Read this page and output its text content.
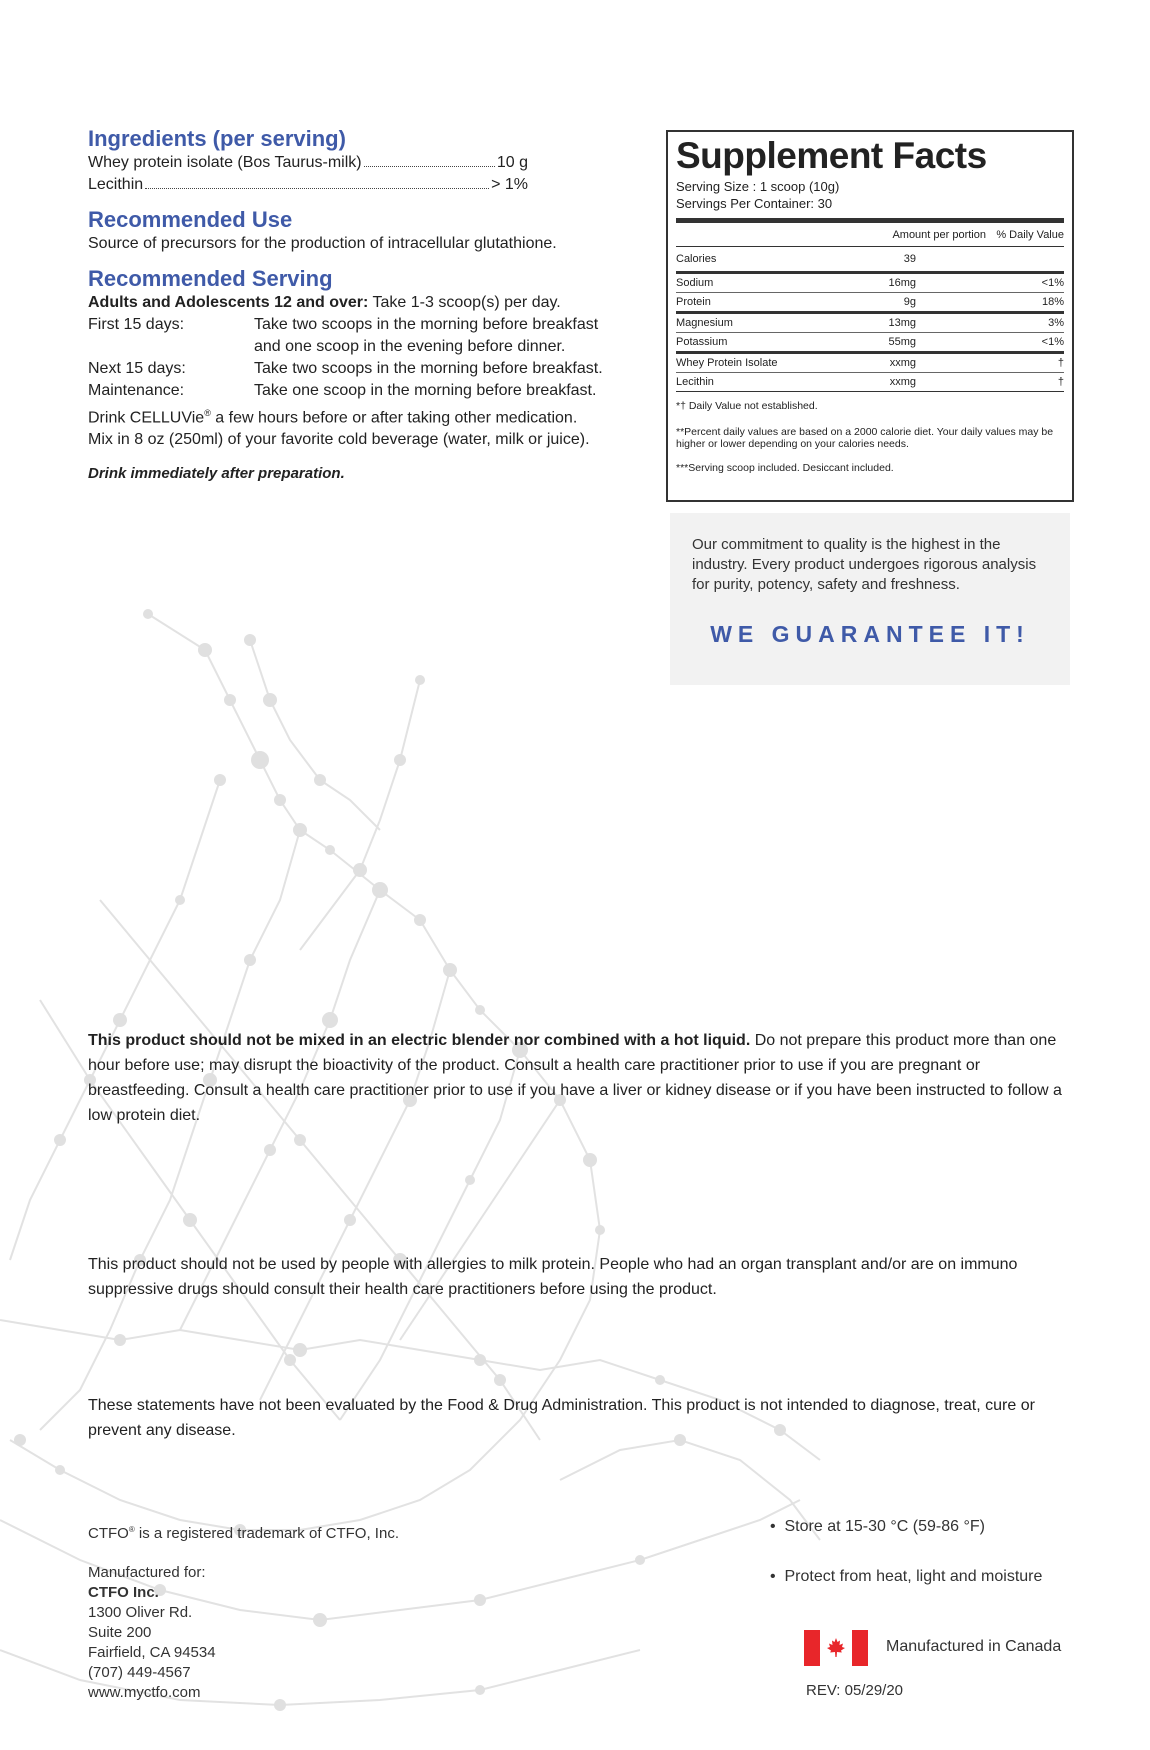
Ingredients (per serving)
Whey protein isolate (Bos Taurus-milk)	10 g
Lecithin	> 1%
Recommended Use
Source of precursors for the production of intracellular glutathione.
Recommended Serving
Adults and Adolescents 12 and over: Take 1-3 scoop(s) per day.
First 15 days:	Take two scoops in the morning before breakfast
and one scoop in the evening before dinner.
Next 15 days:	Take two scoops in the morning before breakfast.
Maintenance:	Take one scoop in the morning before breakfast.
Drink CELLUVie® a few hours before or after taking other medication.
Mix in 8 oz (250ml) of your favorite cold beverage (water, milk or juice).
Drink immediately after preparation.
Supplement Facts
Serving Size : 1 scoop (10g)
Servings Per Container: 30
Amount per portion % Daily Value
Calories	39
Sodium	16mg	<1%
Protein	9g	18%
Magnesium	13mg	3%
Potassium	55mg	<1%
Whey Protein Isolate	xxmg	†
Lecithin	xxmg	†
*† Daily Value not established.
**Percent daily values are based on a 2000 calorie diet. Your daily values may be higher or lower depending on your calories needs.
***Serving scoop included. Desiccant included.
Our commitment to quality is the highest in the industry. Every product undergoes rigorous analysis for purity, potency, safety and freshness.
WE GUARANTEE IT!
This product should not be mixed in an electric blender nor combined with a hot liquid. Do not prepare this product more than one hour before use; may disrupt the bioactivity of the product. Consult a health care practitioner prior to use if you are pregnant or breastfeeding. Consult a health care practitioner prior to use if you have a liver or kidney disease or if you have been instructed to follow a low protein diet.
This product should not be used by people with allergies to milk protein. People who had an organ transplant and/or are on immuno suppressive drugs should consult their health care practitioners before using the product.
These statements have not been evaluated by the Food & Drug Administration. This product is not intended to diagnose, treat, cure or prevent any disease.
CTFO® is a registered trademark of CTFO, Inc.
Manufactured for:
CTFO Inc.
1300 Oliver Rd.
Suite 200
Fairfield, CA 94534
(707) 449-4567
www.myctfo.com
•  Store at 15-30 °C (59-86 °F)
•  Protect from heat, light and moisture
Manufactured in Canada
REV: 05/29/20
